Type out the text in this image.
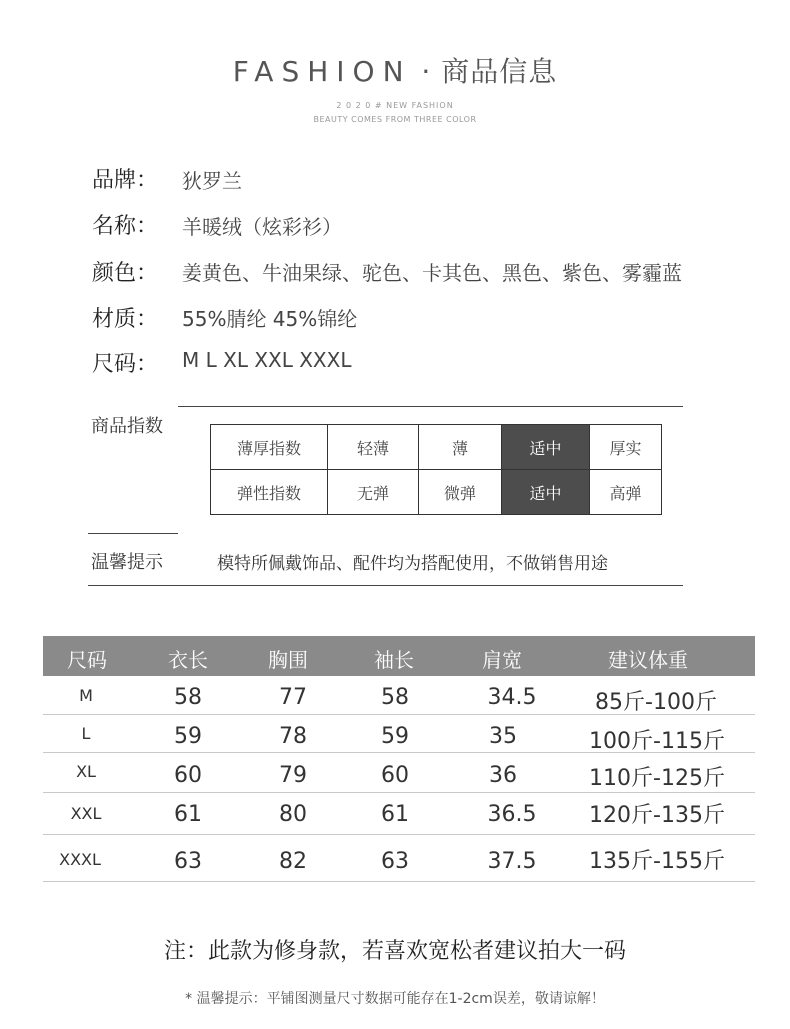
FASHION · 商品信息
2 0 2 0 # NEW FASHION
BEAUTY COMES FROM THREE COLOR
品牌： 狄罗兰
名称： 羊暖绒（炫彩衫）
颜色： 姜黄色、牛油果绿、驼色、卡其色、黑色、紫色、雾霾蓝
材质： 55%腈纶 45%锦纶
尺码： M L XL XXL XXXL
商品指数
薄厚指数	轻薄	薄	适中	厚实
弹性指数	无弹	微弹	适中	高弹
温馨提示	模特所佩戴饰品、配件均为搭配使用，不做销售用途
尺码	衣长	胸围	袖长	肩宽	建议体重
M	58	77	58	34.5	85斤-100斤
L	59	78	59	35	100斤-115斤
XL	60	79	60	36	110斤-125斤
XXL	61	80	61	36.5 120斤-135斤
XXXL	63	82	63	37.5 135斤-155斤
注：此款为修身款，若喜欢宽松者建议拍大一码
* 温馨提示：平铺图测量尺寸数据可能存在1-2cm误差，敬请谅解！
